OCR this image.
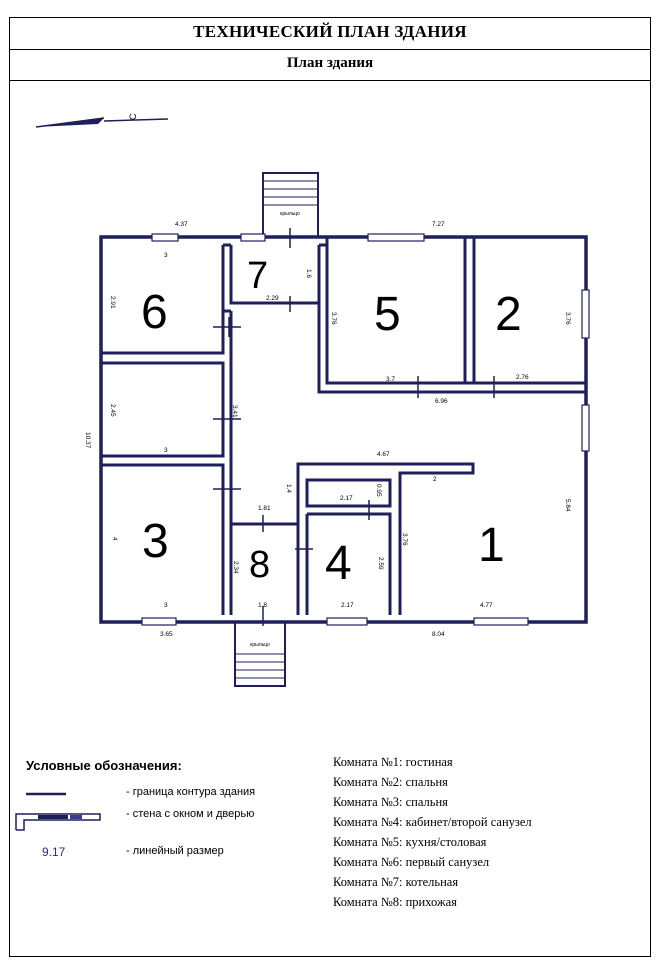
ТЕХНИЧЕСКИЙ ПЛАН ЗДАНИЯ
План здания
С
крыльцо
крыльцо
1
2
3	4
5
6
7
8
4.37	7.27
10.37
3.65	8.04
3
2.91	2.29
1.6
3.76
3.7
3.76
2.76
6.96
2.45
3
3.41
4.67
2
5.84
3.76
4.77
2.17
0.95
2.59
2.17
1.81
2.34
1.8
1.4
4
3
Условные обозначения:
- граница контура здания
- стена с окном и дверью
9.17	- линейный размер
Комната №1: гостиная
Комната №2: спальня
Комната №3: спальня
Комната №4: кабинет/второй санузел
Комната №5: кухня/столовая
Комната №6: первый санузел
Комната №7: котельная
Комната №8: прихожая
